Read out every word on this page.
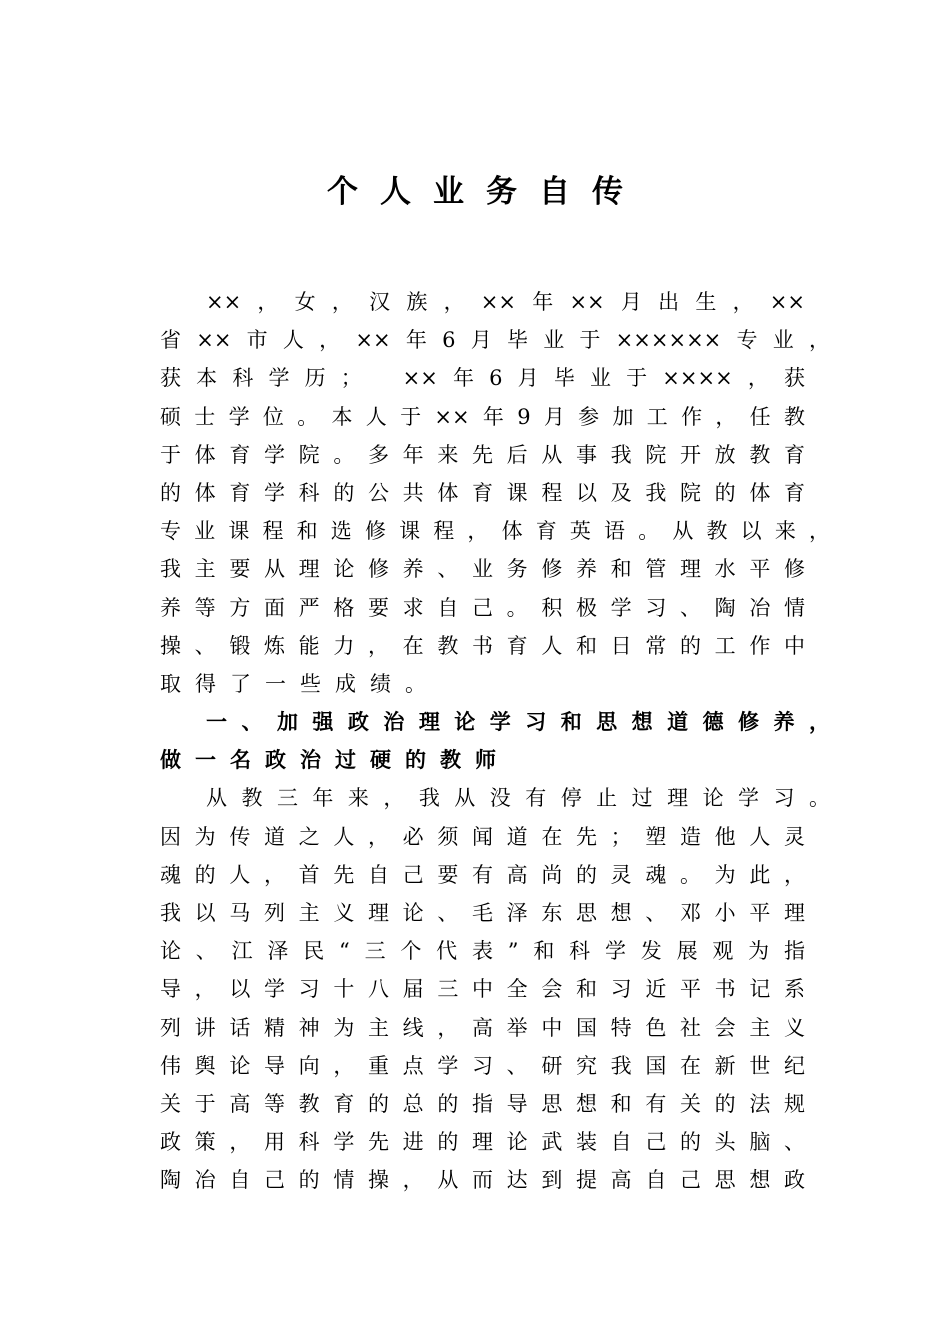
个人业务自传
××，女，汉族，××年××月出生，××
省××市人，××年6月毕业于××××××专业，
获本科学历；　××年6月毕业于××××，获
硕士学位。本人于××年9月参加工作，任教
于体育学院。多年来先后从事我院开放教育
的体育学科的公共体育课程以及我院的体育
专业课程和选修课程，体育英语。从教以来，
我主要从理论修养、业务修养和管理水平修
养等方面严格要求自己。积极学习、陶冶情
操、锻炼能力，在教书育人和日常的工作中
取得了一些成绩。
一、加强政治理论学习和思想道德修养，
做一名政治过硬的教师
从教三年来，我从没有停止过理论学习。
因为传道之人，必须闻道在先；塑造他人灵
魂的人，首先自己要有高尚的灵魂。为此，
我以马列主义理论、毛泽东思想、邓小平理
论、江泽民“三个代表”和科学发展观为指
导，以学习十八届三中全会和习近平书记系
列讲话精神为主线，高举中国特色社会主义
伟舆论导向，重点学习、研究我国在新世纪
关于高等教育的总的指导思想和有关的法规
政策，用科学先进的理论武装自己的头脑、
陶冶自己的情操，从而达到提高自己思想政
